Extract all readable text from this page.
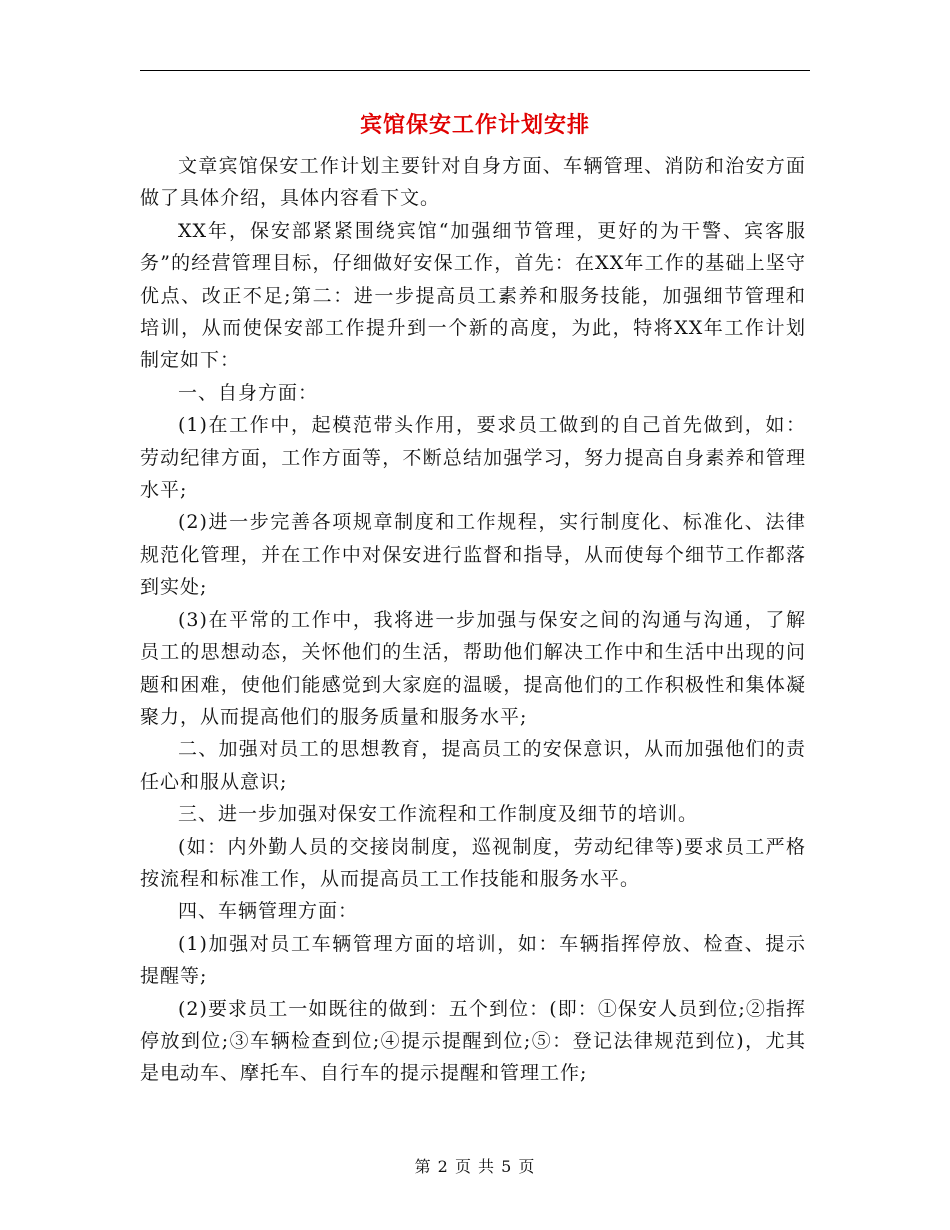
宾馆保安工作计划安排

文章宾馆保安工作计划主要针对自身方面、车辆管理、消防和治安方面做了具体介绍，具体内容看下文。

XX年，保安部紧紧围绕宾馆“加强细节管理，更好的为干警、宾客服务”的经营管理目标，仔细做好安保工作，首先：在XX年工作的基础上坚守优点、改正不足;第二：进一步提高员工素养和服务技能，加强细节管理和培训，从而使保安部工作提升到一个新的高度，为此，特将XX年工作计划制定如下：

一、自身方面：

(1)在工作中，起模范带头作用，要求员工做到的自己首先做到，如：劳动纪律方面，工作方面等，不断总结加强学习，努力提高自身素养和管理水平;

(2)进一步完善各项规章制度和工作规程，实行制度化、标准化、法律规范化管理，并在工作中对保安进行监督和指导，从而使每个细节工作都落到实处;

(3)在平常的工作中，我将进一步加强与保安之间的沟通与沟通，了解员工的思想动态，关怀他们的生活，帮助他们解决工作中和生活中出现的问题和困难，使他们能感觉到大家庭的温暖，提高他们的工作积极性和集体凝聚力，从而提高他们的服务质量和服务水平;

二、加强对员工的思想教育，提高员工的安保意识，从而加强他们的责任心和服从意识;

三、进一步加强对保安工作流程和工作制度及细节的培训。

(如：内外勤人员的交接岗制度，巡视制度，劳动纪律等)要求员工严格按流程和标准工作，从而提高员工工作技能和服务水平。

四、车辆管理方面：

(1)加强对员工车辆管理方面的培训，如：车辆指挥停放、检查、提示提醒等;

(2)要求员工一如既往的做到：五个到位：(即：①保安人员到位;②指挥停放到位;③车辆检查到位;④提示提醒到位;⑤：登记法律规范到位)，尤其是电动车、摩托车、自行车的提示提醒和管理工作;

第 2 页 共 5 页
